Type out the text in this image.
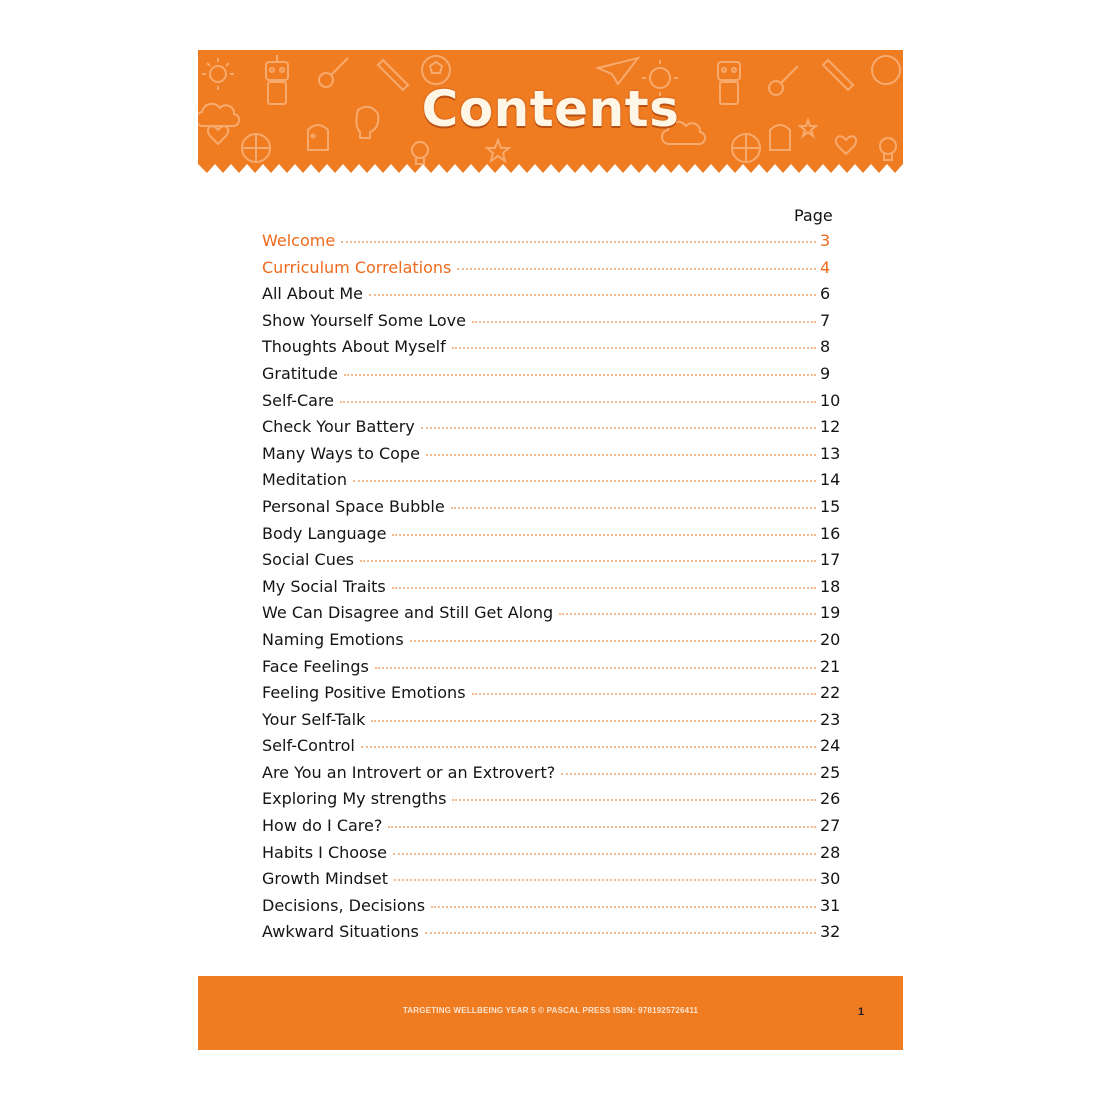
Contents
Page
Welcome	3
Curriculum Correlations	4
All About Me	6
Show Yourself Some Love	7
Thoughts About Myself	8
Gratitude	9
Self-Care	10
Check Your Battery	12
Many Ways to Cope	13
Meditation	14
Personal Space Bubble	15
Body Language	16
Social Cues	17
My Social Traits	18
We Can Disagree and Still Get Along	19
Naming Emotions	20
Face Feelings	21
Feeling Positive Emotions	22
Your Self-Talk	23
Self-Control	24
Are You an Introvert or an Extrovert?	25
Exploring My strengths	26
How do I Care?	27
Habits I Choose	28
Growth Mindset	30
Decisions, Decisions	31
Awkward Situations	32
TARGETING WELLBEING YEAR 5 © PASCAL PRESS ISBN: 9781925726411	1
